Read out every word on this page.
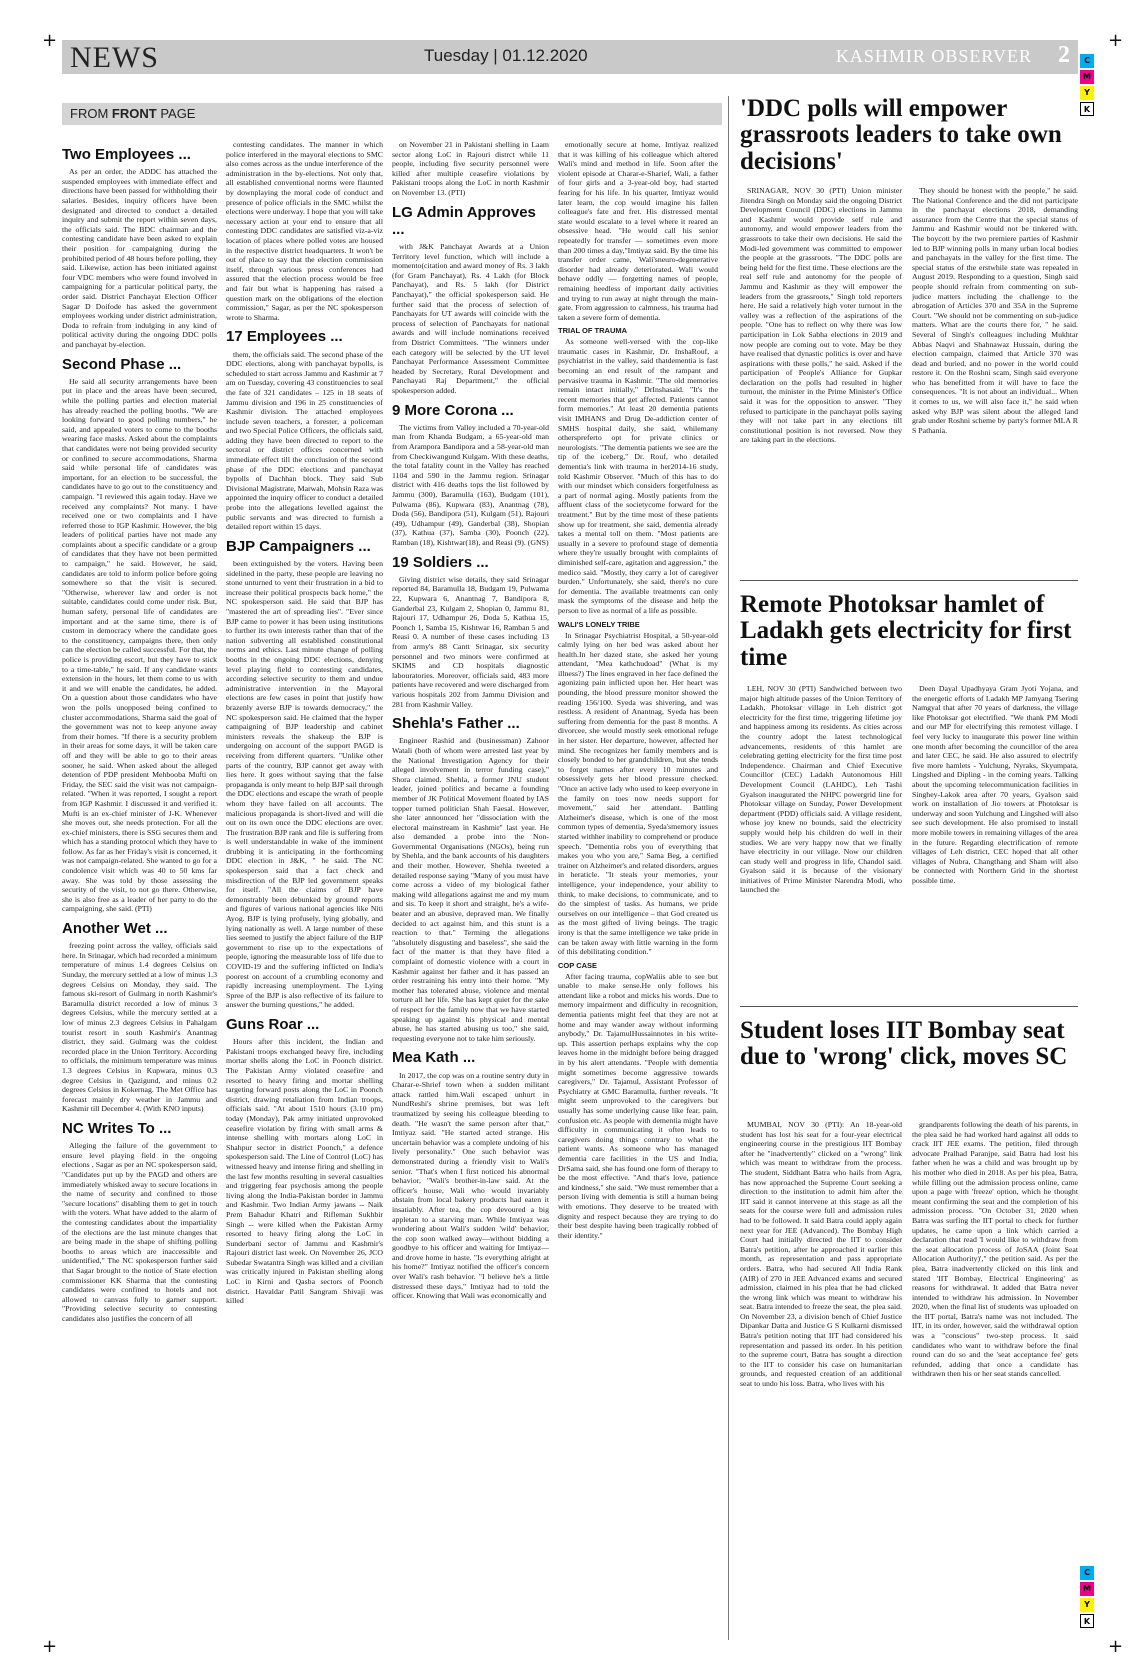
+	+
+	+
C
M
Y
K
C
M
Y
K
NEWS	Tuesday | 01.12.2020	KASHMIR OBSERVER 2
FROM FRONT PAGE
Two Employees ...

As per an order, the ADDC has attached the suspended employees with immediate effect and directions have been passed for withholding their salaries. Besides, inquiry officers have been designated and directed to conduct a detailed inquiry and submit the report within seven days, the officials said. The BDC chairman and the contesting candidate have been asked to explain their position for campaigning during the prohibited period of 48 hours before polling, they said. Likewise, action has been initiated against four VDC members who were found involved in campaigning for a particular political party, the order said. District Panchayat Election Officer Sagar D Doifode has asked the government employees working under district administration, Doda to refrain from indulging in any kind of political activity during the ongoing DDC polls and panchayat by-election.

Second Phase ...

He said all security arrangements have been put in place and the areas have been secured, while the polling parties and election material has already reached the polling booths. "We are looking forward to good polling numbers," he said, and appealed voters to come to the booths wearing face masks. Asked about the complaints that candidates were not being provided security or confined to secure accommodations, Sharma said while personal life of candidates was important, for an election to be successful, the candidates have to go out to the constituency and campaign. "I reviewed this again today. Have we received any complaints? Not many. I have received one or two complaints and I have referred those to IGP Kashmir. However, the big leaders of political parties have not made any complaints about a specific candidate or a group of candidates that they have not been permitted to campaign," he said. However, he said, candidates are told to inform police before going somewhere so that the visit is secured. "Otherwise, wherever law and order is not suitable, candidates could come under risk. But, human safety, personal life of candidates are important and at the same time, there is of custom in democracy where the candidate goes to the constituency, campaigns there, then only can the election be called successful. For that, the police is providing escort, but they have to stick to a time-table," he said. If any candidate wants extension in the hours, let them come to us with it and we will enable the candidates, he added. On a question about those candidates who have won the polls unopposed being confined to cluster accommodations, Sharma said the goal of the government was not to keep anyone away from their homes. "If there is a security problem in their areas for some days, it will be taken care off and they will be able to go to their areas sooner, he said. When asked about the alleged detention of PDP president Mehbooba Mufti on Friday, the SEC said the visit was not campaign-related. "When it was reported, I sought a report from IGP Kashmir. I discussed it and verified it. Mufti is an ex-chief minister of J-K. Whenever she moves out, she needs protection. For all the ex-chief ministers, there is SSG secures them and which has a standing protocol which they have to follow. As far as her Friday's visit is concerned, it was not campaign-related. She wanted to go for a condolence visit which was 40 to 50 kms far away. She was told by those assessing the security of the visit, to not go there. Otherwise, she is also free as a leader of her party to do the campaigning, she said. (PTI)

Another Wet ...

freezing point across the valley, officials said here. In Srinagar, which had recorded a minimum temperature of minus 1.4 degrees Celsius on Sunday, the mercury settled at a low of minus 1.3 degrees Celsius on Monday, they said. The famous ski-resort of Gulmarg in north Kashmir's Baramulla district recorded a low of minus 3 degrees Celsius, while the mercury settled at a low of minus 2.3 degrees Celsius in Pahalgam tourist resort in south Kashmir's Anantnag district, they said. Gulmarg was the coldest recorded place in the Union Territory. According to officials, the minimum temperature was minus 1.3 degrees Celsius in Kupwara, minus 0.3 degree Celsius in Qazigund, and minus 0.2 degrees Celsius in Kokernag. The Met Office has forecast mainly dry weather in Jammu and Kashmir till December 4. (With KNO inputs)

NC Writes To ...

Alleging the failure of the government to ensure level playing field in the ongoing elections , Sagar as per an NC spokesperson said, "Candidates put up by the PAGD and others are immediately whisked away to secure locations in the name of security and confined to those "secure locations" disabling them to get in touch with the voters. What have added to the alarm of the contesting candidates about the impartiality of the elections are the last minute changes that are being made in the shape of shifting polling booths to areas which are inaccessible and unidentified," The NC spokesperson further said that Sagar brought to the notice of State election commissioner KK Sharma that the contesting candidates were confined to hotels and not allowed to canvass fully to garner support. "Providing selective security to contesting candidates also justifies the concern of all

contesting candidates. The manner in which police interfered in the mayoral elections to SMC also comes across as the undue interference of the administration in the by-elections. Not only that, all established conventional norms were flaunted by downplaying the moral code of conduct and presence of police officials in the SMC whilst the elections were underway. I hope that you will take necessary action at your end to ensure that all contesting DDC candidates are satisfied viz-a-viz location of places where polled votes are housed in the respective district headquarters. It won't be out of place to say that the election commission itself, through various press conferences had assured that the election process would be free and fair but what is happening has raised a question mark on the obligations of the election commission," Sagar, as per the NC spokesperson wrote to Sharma.

17 Employees ...

them, the officials said. The second phase of the DDC elections, along with panchayat bypolls, is scheduled to start across Jammu and Kashmir at 7 am on Tuesday, covering 43 constituencies to seal the fate of 321 candidates – 125 in 18 seats of Jammu division and 196 in 25 constituencies of Kashmir division. The attached employees include seven teachers, a forester, a policeman and two Special Police Officers, the officials said, adding they have been directed to report to the sectoral or district offices concerned with immediate effect till the conclusion of the second phase of the DDC elections and panchayat bypolls of Dachhan block. They said Sub Divisional Magistrate, Marwah, Mohsin Raza was appointed the inquiry officer to conduct a detailed probe into the allegations levelled against the public servants and was directed to furnish a detailed report within 15 days.

BJP Campaigners ...

been extinguished by the voters. Having been sidelined in the party, these people are leaving no stone unturned to vent their frustration in a bid to increase their political prospects back home," the NC spokesperson said. He said that BJP has "mastered the art of spreading lies". "Ever since BJP came to power it has been using institutions to further its own interests rather than that of the nation subverting all established constitutional norms and ethics. Last minute change of polling booths in the ongoing DDC elections, denying level playing field to contesting candidates, according selective security to them and undue administrative intervention in the Mayoral elections are few cases in point that justify how brazenly averse BJP is towards democracy," the NC spokesperson said. He claimed that the hyper campaigning of BJP leadership and cabinet ministers reveals the shakeup the BJP is undergoing on account of the support PAGD is receiving from different quarters. "Unlike other parts of the country, BJP cannot get away with lies here. It goes without saying that the false propaganda is only meant to help BJP sail through the DDC elections and escape the wrath of people whom they have failed on all accounts. The malicious propaganda is short-lived and will die out on its own once the DDC elections are over. The frustration BJP rank and file is suffering from is well understandable in wake of the imminent drubbing it is anticipating in the forthcoming DDC election in J&K, " he said. The NC spokesperson said that a fact check and misdirection of the BJP led government speaks for itself. "All the claims of BJP have demonstrably been debunked by ground reports and figures of various national agencies like Niti Ayog. BJP is lying profusely, lying globally, and lying nationally as well. A large number of these lies seemed to justify the abject failure of the BJP government to rise up to the expectations of people, ignoring the measurable loss of life due to COVID-19 and the suffering inflicted on India's poorest on account of a crumbling economy and rapidly increasing unemployment. The Lying Spree of the BJP is also reflective of its failure to answer the burning questions," he added.

Guns Roar ...

Hours after this incident, the Indian and Pakistani troops exchanged heavy fire, including mortar shells along the LoC in Poonch district. The Pakistan Army violated ceasefire and resorted to heavy firing and mortar shelling targeting forward posts along the LoC in Poonch district, drawing retaliation from Indian troops, officials said. "At about 1510 hours (3.10 pm) today (Monday), Pak army initiated unprovoked ceasefire violation by firing with small arms & intense shelling with mortars along LoC in Shahpur sector in district Poonch," a defence spokesperson said. The Line of Control (LoC) has witnessed heavy and intense firing and shelling in the last few months resulting in several casualties and triggering fear psychosis among the people living along the India-Pakistan border in Jammu and Kashmir. Two Indian Army jawans -- Naik Prem Bahadur Khatri and Rifleman Sukhbir Singh -- were killed when the Pakistan Army resorted to heavy firing along the LoC in Sunderbani sector of Jammu and Kashmir's Rajouri district last week. On November 26, JCO Subedar Swatantra Singh was killed and a civilian was critically injured in Pakistan shelling along LoC in Kirni and Qasba sectors of Poonch district. Havaldar Patil Sangram Shivaji was killed

on November 21 in Pakistani shelling in Laam sector along LoC in Rajouri distrct while 11 people, including five security personnel were killed after multiple ceasefire violations by Pakistani troops along the LoC in north Kashmir on November 13. (PTI)

LG Admin Approves ...

with J&K Panchayat Awards at a Union Territory level function, which will include a momento(citation and award money of Rs. 3 lakh (for Gram Panchayat), Rs. 4 Lakh (for Block Panchayat), and Rs. 5 lakh (for District Panchayat)," the official spokesperson said. He further said that the process of selection of Panchayats for UT awards will coincide with the process of selection of Panchayats for national awards and will include nominations received from District Committees. "The winners under each category will be selected by the UT level Panchayat Performance Assessment Committee headed by Secretary, Rural Development and Panchayati Raj Department," the official spokesperson added.

9 More Corona ...

The victims from Valley included a 70-year-old man from Khanda Budgam, a 65-year-old man from Arampora Bandipora and a 58-year-old man from Checkiwangund Kulgam. With these deaths, the total fatality count in the Valley has reached 1104 and 590 in the Jammu region. Srinagar district with 416 deaths tops the list followed by Jammu (300), Baramulla (163), Budgam (101), Pulwama (86), Kupwara (83), Anantnag (78), Doda (56), Bandipora (51), Kulgam (51), Rajouri (49), Udhampur (49), Ganderbal (38), Shopian (37), Kathua (37), Samba (30), Poonch (22), Ramban (18), Kishtwar(18), and Reasi (9). (GNS)

19 Soldiers ...

Giving district wise details, they said Srinagar reported 84, Baramulla 18, Budgam 19, Pulwama 22, Kupwara 6, Anantnag 7, Bandipora 8, Ganderbal 23, Kulgam 2, Shopian 0, Jammu 81, Rajouri 17, Udhampur 26, Doda 5, Kathua 15, Poonch 1, Samba 15, Kishtwar 16, Ramban 5 and Reasi 0. A number of these cases including 13 from army's 88 Cantt Srinagar, six security personnel and two minors were confirmed at SKIMS and CD hospitals diagnostic labouratories. Moreover, officials said, 483 more patients have recovered and were discharged from various hospitals 202 from Jammu Division and 281 from Kashmir Valley.

Shehla's Father ...

Engineer Rashid and (businessman) Zahoor Watali (both of whom were arrested last year by the National Investigation Agency for their alleged involvement in terror funding case)," Shora claimed. Shehla, a former JNU student leader, joined politics and became a founding member of JK Political Movement floated by IAS topper turned politician Shah Faesal. However, she later announced her "dissociation with the electoral mainstream in Kashmir" last year. He also demanded a probe into the Non-Governmental Organisations (NGOs), being run by Shehla, and the bank accounts of his daughters and their mother. However, Shehla tweeted a detailed response saying "Many of you must have come across a video of my biological father making wild allegations against me and my mum and sis. To keep it short and straight, he's a wife-beater and an abusive, depraved man. We finally decided to act against him, and this stunt is a reaction to that." Terming the allegations "absolutely disgusting and baseless", she said the fact of the matter is that they have filed a complaint of domestic violence with a court in Kashmir against her father and it has passed an order restraining his entry into their home. "My mother has tolerated abuse, violence and mental torture all her life. She has kept quiet for the sake of respect for the family now that we have started speaking up against his physical and mental abuse, he has started abusing us too," she said, requesting everyone not to take him seriously.

Mea Kath ...

In 2017, the cop was on a routine sentry duty in Charar-e-Shrief town when a sudden militant attack rattled him.Wali escaped unhurt in NundReshi's shrine premises, but was left traumatized by seeing his colleague bleeding to death. "He wasn't the same person after that," Imtiyaz said. "He started acted strange. His uncertain behavior was a complete undoing of his lively personality." One such behavior was demonstrated during a friendly visit to Wali's senior. "That's when I first noticed his abnormal behavior, "Wali's brother-in-law said. At the officer's house, Wali who would invariably abstain from local bakery products had eaten it insatiably. After tea, the cop devoured a big appletan to a starving man. While Imtiyaz was wondering about Wali's sudden 'wild' behavior, the cop soon walked away—without bidding a goodbye to his officer and waiting for Imtiyaz—and drove home in haste. "Is everything alright at his home?" Imtiyaz notified the officer's concern over Wali's rash behavior. "I believe he's a little distressed these days," Imtiyaz had to told the officer. Knowing that Wali was economically and

emotionally secure at home, Imtiyaz realized that it was killing of his colleague which altered Wali's mind and method in life. Soon after the violent episode at Charar-e-Sharief, Wali, a father of four girls and a 3-year-old boy, had started fearing for his life. In his quarter, Imtiyaz would later learn, the cop would imagine his fallen colleague's fate and fret. His distressed mental state would escalate to a level where it reared an obsessive head. "He would call his senior repeatedly for transfer — sometimes even more than 200 times a day,"Imtiyaz said. By the time his transfer order came, Wali'sneuro-degenerative disorder had already deteriorated. Wali would behave oddly — forgetting names of people, remaining heedless of important daily activities and trying to run away at night through the main-gate. From aggression to calmness, his trauma had taken a severe form of dementia.

TRIAL OF TRAUMA

As someone well-versed with the cop-like traumatic cases in Kashmir, Dr. InshaRouf, a psychiatrist in the valley, said thatdementia is fast becoming an end result of the rampant and pervasive trauma in Kashmir. "The old memories remain intact initially," DrInshasaid. "It's the recent memories that get affected. Patients cannot form memories." At least 20 dementia patients visit IMHANS and Drug De-addiction center of SMHS hospital daily, she said, whilemany otherspreferto opt for private clinics or neurologists. "The dementia patients we see are the tip of the iceberg," Dr. Rouf, who detailed dementia's link with trauma in her2014-16 study, told Kashmir Observer. "Much of this has to do with our mindset which considers forgetfulness as a part of normal aging. Mostly patients from the affluent class of the societycome forward for the treatment." But by the time most of these patients show up for treatment, she said, dementia already takes a mental toll on them. "Most patients are usually in a severe to profound stage of dementia where they're usually brought with complaints of diminished self-care, agitation and aggression," the medico said. "Mostly, they carry a lot of caregiver burden." Unfortunately, she said, there's no cure for dementia. The available treatments can only mask the symptoms of the disease and help the person to live as normal of a life as possible.

WALI'S LONELY TRIBE

In Srinagar Psychiatrist Hospital, a 50-year-old calmly lying on her bed was asked about her health.In her dazed state, she asked her young attendant, "Mea kathchudoad" (What is my illness?) The lines engraved in her face defined the agonizing pain inflicted upon her. Her heart was pounding, the blood pressure monitor showed the reading 156/100. Syeda was shivering, and was restless. A resident of Anantnag, Syeda has been suffering from dementia for the past 8 months. A divorcee, she would mostly seek emotional refuge in her sister. Her departure, however, affected her mind. She recognizes her family members and is closely bonded to her grandchildren, but she tends to forget names after every 10 minutes and obsessively gets her blood pressure checked. "Once an active lady who used to keep everyone in the family on toes now needs support for movement," said her attendant. Battling Alzheimer's disease, which is one of the most common types of dementia, Syeda'smemory issues started withher inability to comprehend or produce speech. "Dementia robs you of everything that makes you who you are," Sama Beg, a certified trainer on Alzheimer's and related disorders, argues in heraticle. "It steals your memories, your intelligence, your independence, your ability to think, to make decisions, to communicate, and to do the simplest of tasks. As humans, we pride ourselves on our intelligence – that God created us as the most gifted of living beings. The tragic irony is that the same intelligence we take pride in can be taken away with little warning in the form of this debilitating condition."

COP CASE

After facing trauma, copWaliis able to see but unable to make sense.He only follows his attendant like a robot and micks his words. Due to memory impairment and difficulty in recognition, dementia patients might feel that they are not at home and may wander away without informing anybody," Dr. TajamulHussainnotes in his write-up. This assertion perhaps explains why the cop leaves home in the midnight before being dragged in by his alert attendants. "People with dementia might sometimes become aggressive towards caregivers," Dr. Tajamul, Assistant Professor of Psychiatry at GMC Baramulla, further reveals. "It might seem unprovoked to the caregivers but usually has some underlying cause like fear, pain, confusion etc. As people with dementia might have difficulty in communicating it often leads to caregivers doing things contrary to what the patient wants. As someone who has managed dementia care facilities in the US and India, DrSama said, she has found one form of therapy to be the most effective. "And that's love, patience and kindness," she said. "We must remember that a person living with dementia is still a human being with emotions. They deserve to be treated with dignity and respect because they are trying to do their best despite having been tragically robbed of their identity."

'DDC polls will empower grassroots leaders to take own decisions'

SRINAGAR, NOV 30 (PTI) Union minister Jitendra Singh on Monday said the ongoing District Development Council (DDC) elections in Jammu and Kashmir would provide self rule and autonomy, and would empower leaders from the grassroots to take their own decisions. He said the Modi-led government was committed to empower the people at the grassroots. "The DDC polls are being held for the first time. These elections are the real self rule and autonomy for the people of Jammu and Kashmir as they will empower the leaders from the grassroots," Singh told reporters here. He said a relatively high voter turnout in the valley was a reflection of the aspirations of the people. "One has to reflect on why there was low participation in Lok Sabha elections in 2019 and now people are coming out to vote. May be they have realised that dynastic politics is over and have aspirations with these polls," he said. Asked if the participation of People's Alliance for Gupkar declaration on the polls had resulted in higher turnout, the minister in the Prime Minister's Office said it was for the opposition to answer. "They refused to participate in the panchayat polls saying they will not take part in any elections till constitutional position is not reversed. Now they are taking part in the elections.

They should be honest with the people," he said. The National Conference and the did not participate in the panchayat elections 2018, demanding assurance from the Centre that the special status of Jammu and Kashmir would not be tinkered with. The boycott by the two premiere parties of Kashmir led to BJP winning polls in many urban local bodies and panchayats in the valley for the first time. The special status of the erstwhile state was repealed in August 2019. Responding to a question, Singh said people should refrain from commenting on sub-judice matters including the challenge to the abrogation of Articles 370 and 35A in the Supreme Court. "We should not be commenting on sub-judice matters. What are the courts there for, " he said. Several of Singh's colleagues including Mukhtar Abbas Naqvi and Shahnawaz Hussain, during the election campaign, claimed that Article 370 was dead and buried, and no power in the world could restore it. On the Roshni scam, Singh said everyone who has benefitted from it will have to face the consequences. "It is not about an individual... When it comes to us, we will also face it," he said when asked why BJP was silent about the alleged land grab under Roshni scheme by party's former MLA R S Pathania.

Remote Photoksar hamlet of Ladakh gets electricity for first time

LEH, NOV 30 (PTI) Sandwiched between two major high altitude passes of the Union Territory of Ladakh, Photoksar village in Leh district got electricity for the first time, triggering lifetime joy and happiness among its residents. As cities across the country adopt the latest technological advancements, residents of this hamlet are celebrating getting electricity for the first time post Independence. Chairman and Chief Executive Councillor (CEC) Ladakh Autonomous Hill Development Council (LAHDC), Leh Tashi Gyalson inaugurated the NHPC powergrid line for Photoksar village on Sunday, Power Development department (PDD) officials said. A village resident, whose joy knew no bounds, said the electricity supply would help his children do well in their studies. We are very happy now that we finally have electricity in our village. Now our children can study well and progress in life, Chandol said. Gyalson said it is because of the visionary initiatives of Prime Minister Narendra Modi, who launched the

Deen Dayal Upadhyaya Gram Jyoti Yojana, and the energetic efforts of Ladakh MP Jamyang Tsering Namgyal that after 70 years of darkness, the village like Photoksar got electrified. "We thank PM Modi and our MP for electrifying this remotest village. I feel very lucky to inaugurate this power line within one month after becoming the councillor of the area and later CEC, he said. He also assured to electrify five more hamlets - Yulchung, Nyraks, Skyumpata, Lingshed and Dipling - in the coming years. Talking about the upcoming telecommunication facilities in Singhey-Lakok area after 70 years, Gyalson said work on installation of Jio towers at Photoksar is underway and soon Yulchung and Lingshed will also see such development. He also promised to install more mobile towers in remaining villages of the area in the future. Regarding electrification of remote villages of Leh district, CEC hoped that all other villages of Nubra, Changthang and Sham will also be connected with Northern Grid in the shortest possible time.

Student loses IIT Bombay seat due to 'wrong' click, moves SC

MUMBAI, NOV 30 (PTI): An 18-year-old student has lost his seat for a four-year electrical engineering course in the prestigious IIT Bombay after he "inadvertently" clicked on a "wrong" link which was meant to withdraw from the process. The student, Siddhant Batra who hails from Agra, has now approached the Supreme Court seeking a direction to the institution to admit him after the IIT said it cannot intervene at this stage as all the seats for the course were full and admission rules had to be followed. It said Batra could apply again next year for JEE (Advanced). The Bombay High Court had initially directed the IIT to consider Batra's petition, after he approached it earlier this month, as representation and pass appropriate orders. Batra, who had secured All India Rank (AIR) of 270 in JEE Advanced exams and secured admission, claimed in his plea that he had clicked the wrong link which was meant to withdraw his seat. Batra intended to freeze the seat, the plea said. On November 23, a division bench of Chief Justice Dipankar Datta and Justice G S Kulkarni dismissed Batra's petition noting that IIT had considered his representation and passed its order. In his petition to the supreme court, Batra has sought a direction to the IIT to consider his case on humanitarian grounds, and requested creation of an additional seat to undo his loss. Batra, who lives with his

grandparents following the death of his parents, in the plea said he had worked hard against all odds to crack IIT JEE exams. The petition, filed through advocate Pralhad Paranjpe, said Batra had lost his father when he was a child and was brought up by his mother who died in 2018. As per his plea, Batra, while filling out the admission process online, came upon a page with 'freeze' option, which he thought meant confirming the seat and the completion of his admission process. "On October 31, 2020 when Batra was surfing the IIT portal to check for further updates, he came upon a link which carried a declaration that read 'I would like to withdraw from the seat allocation process of JoSAA (Joint Seat Allocation Authority)'," the petition said. As per the plea, Batra inadvertently clicked on this link and stated 'IIT Bombay, Electrical Engineering' as reasons for withdrawal. It added that Batra never intended to withdraw his admission. In November 2020, when the final list of students was uploaded on the IIT portal, Batra's name was not included. The IIT, in its order, however, said the withdrawal option was a "conscious" two-step process. It said candidates who want to withdraw before the final round can do so and the 'seat acceptance fee' gets refunded, adding that once a candidate has withdrawn then his or her seat stands cancelled.
